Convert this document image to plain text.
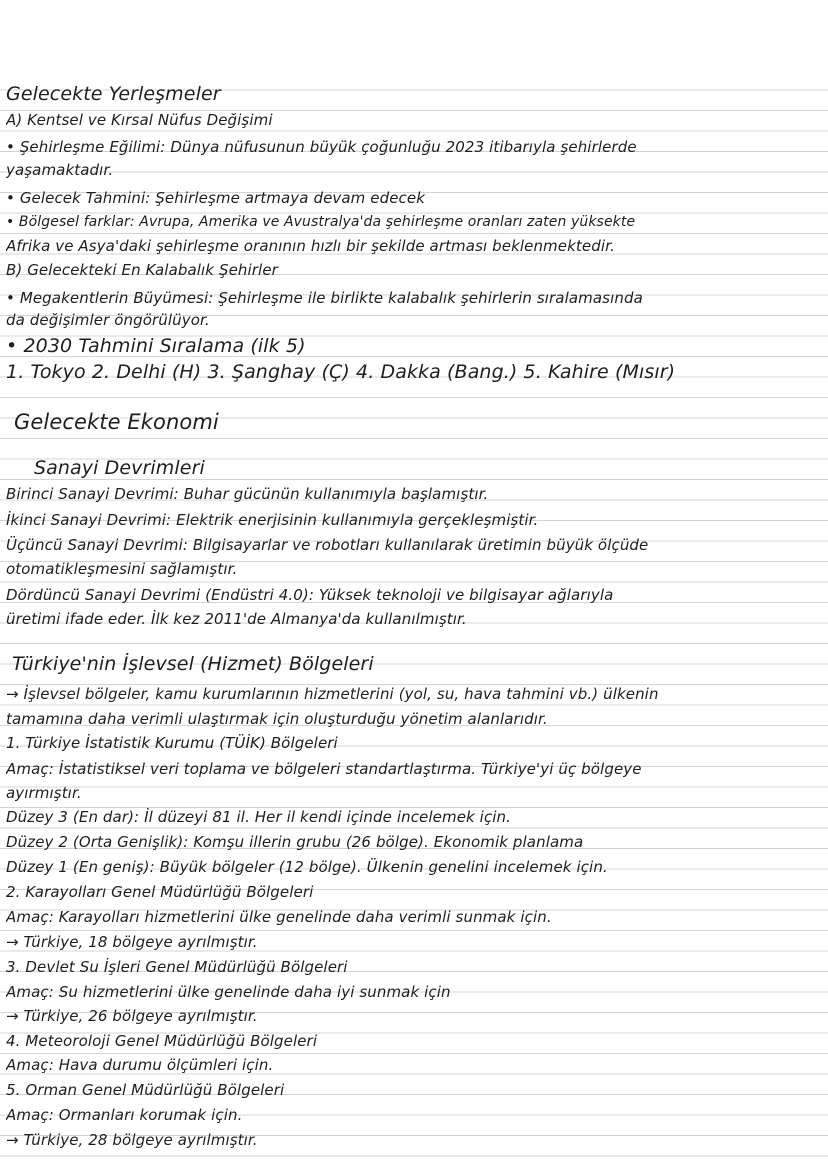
Gelecekte Yerleşmeler
A) Kentsel ve Kırsal Nüfus Değişimi
• Şehirleşme Eğilimi: Dünya nüfusunun büyük çoğunluğu 2023 itibarıyla şehirlerde
yaşamaktadır.
• Gelecek Tahmini: Şehirleşme artmaya devam edecek
• Bölgesel farklar: Avrupa, Amerika ve Avustralya'da şehirleşme oranları zaten yüksekte
Afrika ve Asya'daki şehirleşme oranının hızlı bir şekilde artması beklenmektedir.
B) Gelecekteki En Kalabalık Şehirler
• Megakentlerin Büyümesi: Şehirleşme ile birlikte kalabalık şehirlerin sıralamasında
da değişimler öngörülüyor.
• 2030 Tahmini Sıralama (ilk 5)
1. Tokyo 2. Delhi (H) 3. Şanghay (Ç) 4. Dakka (Bang.) 5. Kahire (Mısır)
Gelecekte Ekonomi
Sanayi Devrimleri
Birinci Sanayi Devrimi: Buhar gücünün kullanımıyla başlamıştır.
İkinci Sanayi Devrimi: Elektrik enerjisinin kullanımıyla gerçekleşmiştir.
Üçüncü Sanayi Devrimi: Bilgisayarlar ve robotları kullanılarak üretimin büyük ölçüde
otomatikleşmesini sağlamıştır.
Dördüncü Sanayi Devrimi (Endüstri 4.0): Yüksek teknoloji ve bilgisayar ağlarıyla
üretimi ifade eder. İlk kez 2011'de Almanya'da kullanılmıştır.
Türkiye'nin İşlevsel (Hizmet) Bölgeleri
→ İşlevsel bölgeler, kamu kurumlarının hizmetlerini (yol, su, hava tahmini vb.) ülkenin
tamamına daha verimli ulaştırmak için oluşturduğu yönetim alanlarıdır.
1. Türkiye İstatistik Kurumu (TÜİK) Bölgeleri
Amaç: İstatistiksel veri toplama ve bölgeleri standartlaştırma. Türkiye'yi üç bölgeye
ayırmıştır.
Düzey 3 (En dar): İl düzeyi 81 il. Her il kendi içinde incelemek için.
Düzey 2 (Orta Genişlik): Komşu illerin grubu (26 bölge). Ekonomik planlama
Düzey 1 (En geniş): Büyük bölgeler (12 bölge). Ülkenin genelini incelemek için.
2. Karayolları Genel Müdürlüğü Bölgeleri
Amaç: Karayolları hizmetlerini ülke genelinde daha verimli sunmak için.
→ Türkiye, 18 bölgeye ayrılmıştır.
3. Devlet Su İşleri Genel Müdürlüğü Bölgeleri
Amaç: Su hizmetlerini ülke genelinde daha iyi sunmak için
→ Türkiye, 26 bölgeye ayrılmıştır.
4. Meteoroloji Genel Müdürlüğü Bölgeleri
Amaç: Hava durumu ölçümleri için.
5. Orman Genel Müdürlüğü Bölgeleri
Amaç: Ormanları korumak için.
→ Türkiye, 28 bölgeye ayrılmıştır.
